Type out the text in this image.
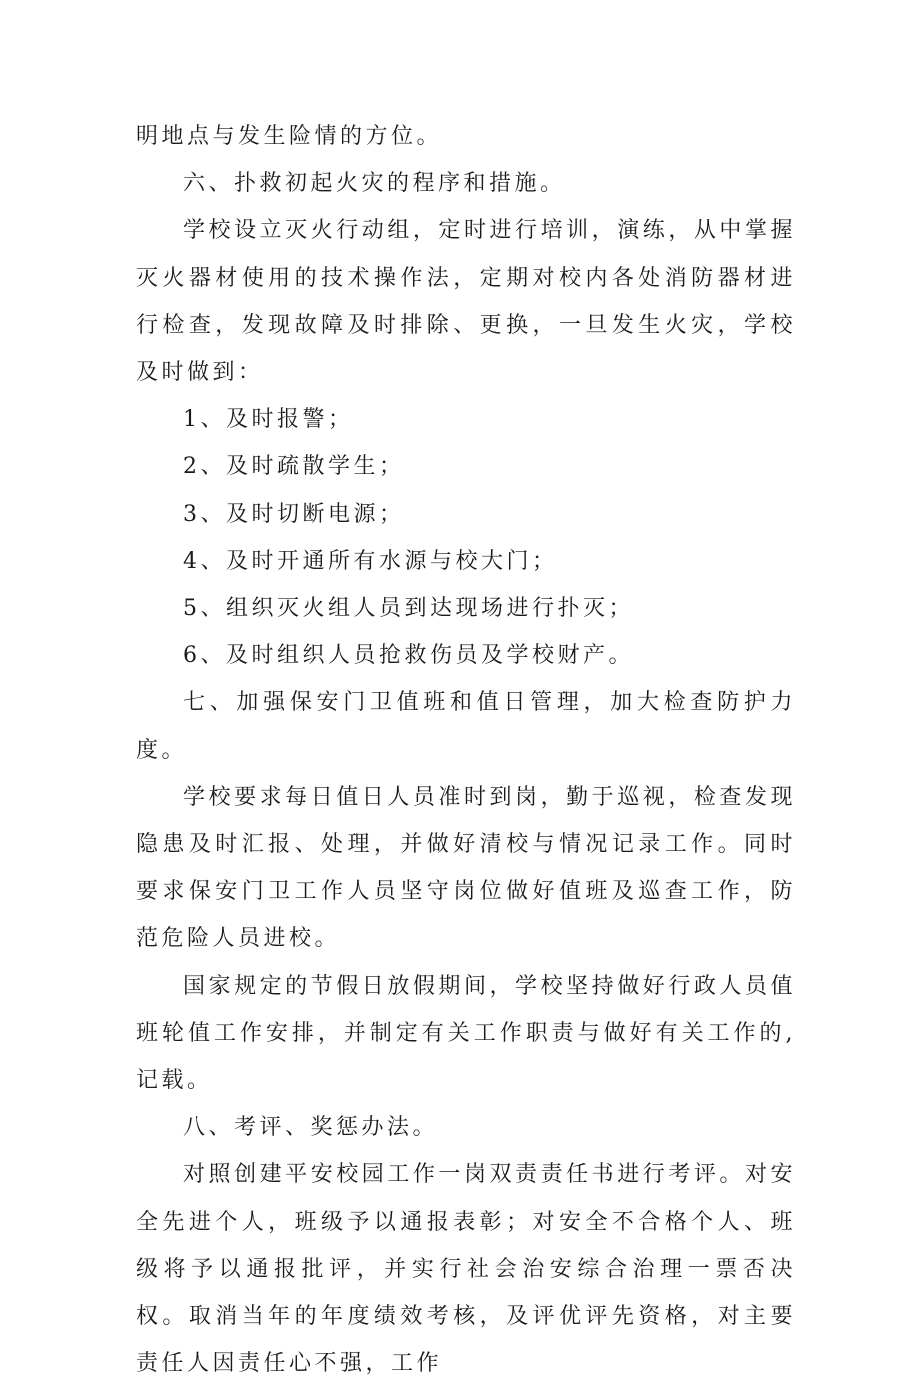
明地点与发生险情的方位。

六、扑救初起火灾的程序和措施。

学校设立灭火行动组，定时进行培训，演练，从中掌握灭火器材使用的技术操作法，定期对校内各处消防器材进行检查，发现故障及时排除、更换，一旦发生火灾，学校及时做到：

1、及时报警；

2、及时疏散学生；

3、及时切断电源；

4、及时开通所有水源与校大门；

5、组织灭火组人员到达现场进行扑灭；

6、及时组织人员抢救伤员及学校财产。

七、加强保安门卫值班和值日管理，加大检查防护力度。

学校要求每日值日人员准时到岗，勤于巡视，检查发现隐患及时汇报、处理，并做好清校与情况记录工作。同时要求保安门卫工作人员坚守岗位做好值班及巡查工作，防范危险人员进校。

国家规定的节假日放假期间，学校坚持做好行政人员值班轮值工作安排，并制定有关工作职责与做好有关工作的,记载。

八、考评、奖惩办法。

对照创建平安校园工作一岗双责责任书进行考评。对安全先进个人，班级予以通报表彰；对安全不合格个人、班级将予以通报批评，并实行社会治安综合治理一票否决权。取消当年的年度绩效考核，及评优评先资格，对主要责任人因责任心不强，工作
